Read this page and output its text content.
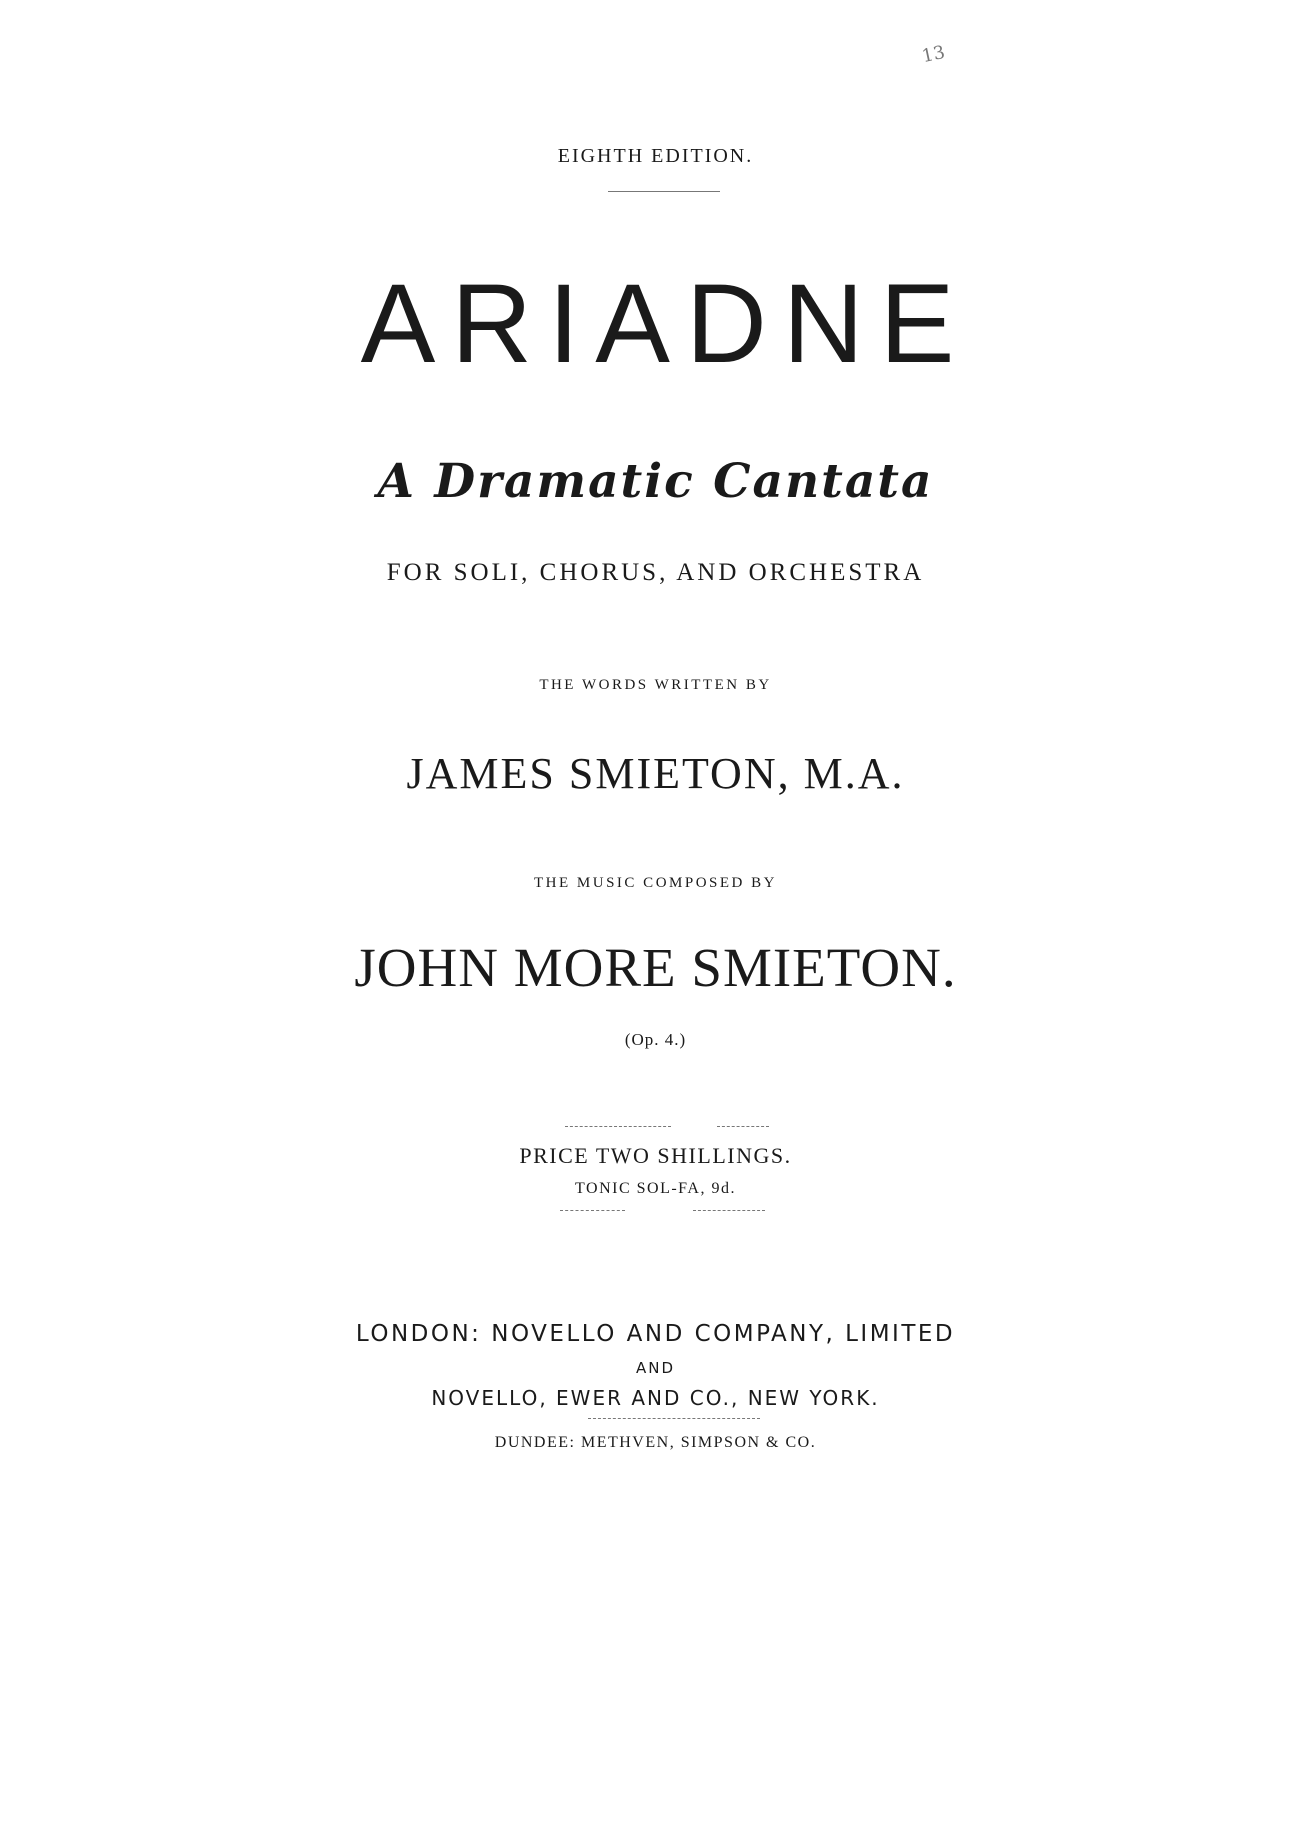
EIGHTH EDITION.
ARIADNE
A Dramatic Cantata
FOR SOLI, CHORUS, AND ORCHESTRA
THE WORDS WRITTEN BY
JAMES SMIETON, M.A.
THE MUSIC COMPOSED BY
JOHN MORE SMIETON.
(Op. 4.)
PRICE TWO SHILLINGS.
TONIC SOL-FA, 9d.
LONDON: NOVELLO AND COMPANY, LIMITED
AND
NOVELLO, EWER AND CO., NEW YORK.
DUNDEE: METHVEN, SIMPSON & CO.
13
